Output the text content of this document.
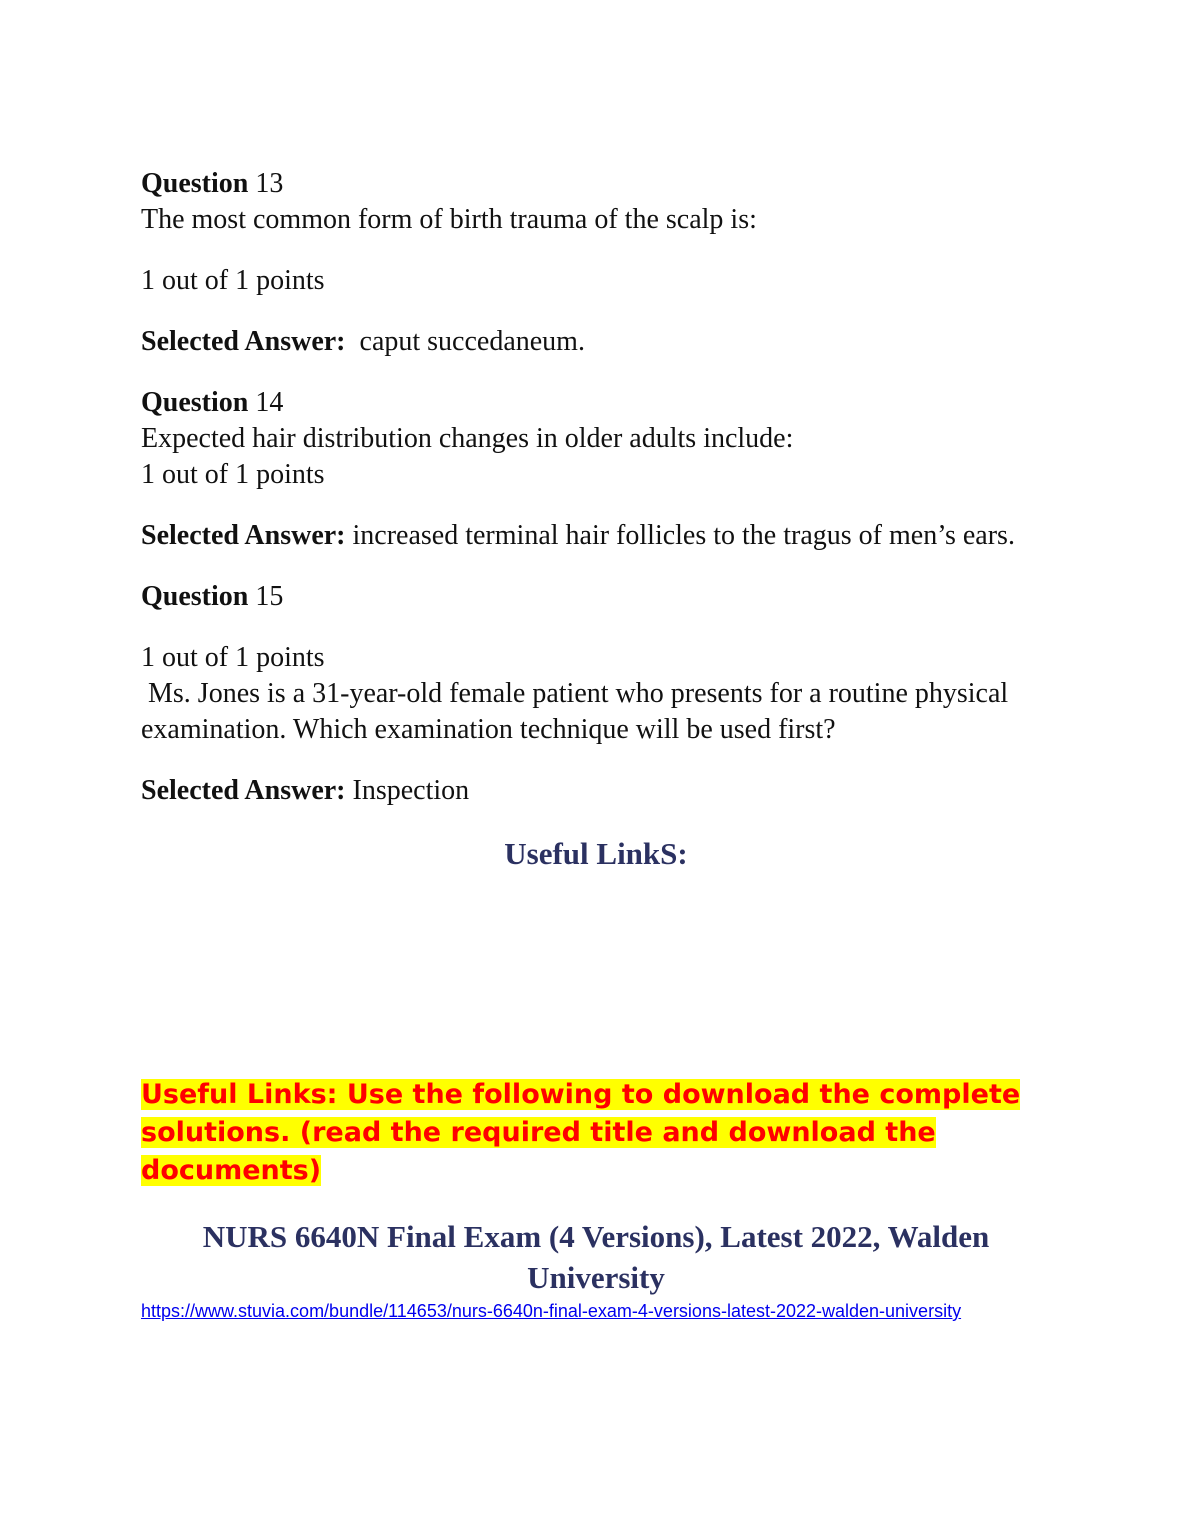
Question 13

The most common form of birth trauma of the scalp is:

1 out of 1 points

Selected Answer:  caput succedaneum.

Question 14

Expected hair distribution changes in older adults include:

1 out of 1 points

Selected Answer: increased terminal hair follicles to the tragus of men’s ears.

Question 15

1 out of 1 points

Ms. Jones is a 31-year-old female patient who presents for a routine physical examination. Which examination technique will be used first?

Selected Answer: Inspection

Useful LinkS:

Useful Links: Use the following to download the complete solutions. (read the required title and download the documents)

NURS 6640N Final Exam (4 Versions), Latest 2022, Walden University
https://www.stuvia.com/bundle/114653/nurs-6640n-final-exam-4-versions-latest-2022-walden-university
